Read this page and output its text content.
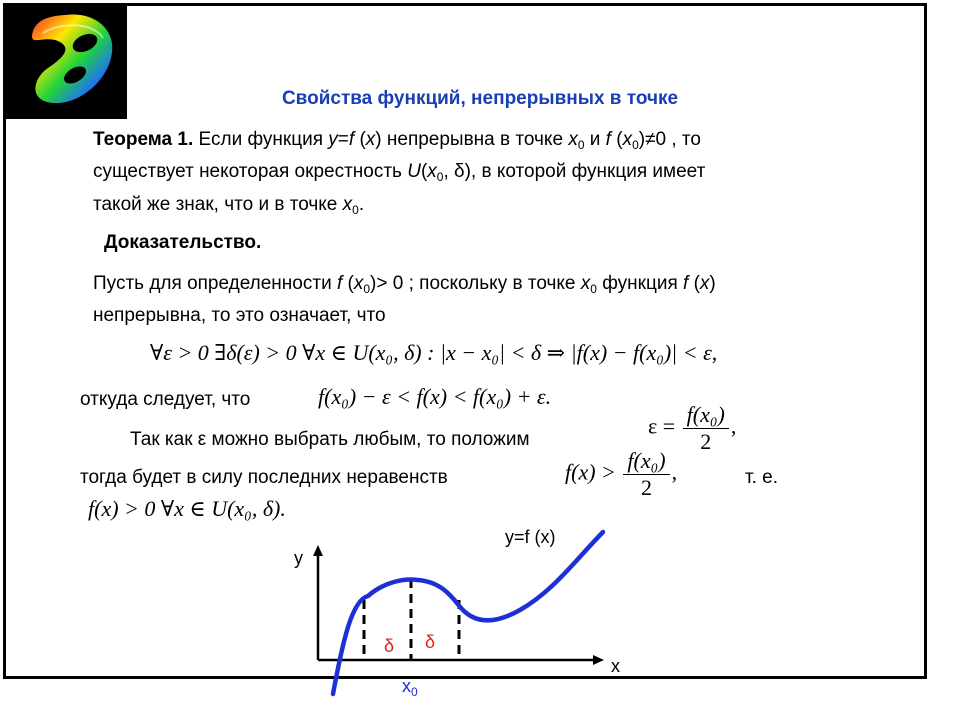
Свойства функций, непрерывных в точке
Теорема 1. Если функция y=f (x) непрерывна в точке $x_0$ и f $(x_0)\ne 0$ , то
существует некоторая окрестность $U(x_0$, δ), в которой функция имеет
такой же знак, что и в точке $x_0$.
Доказательство.
Пусть для определенности f $(x_0)> 0$ ; поскольку в точке $x_0$ функция f (x)
непрерывна, то это означает, что
∀ε > 0 ∃δ(ε) > 0 ∀x ∈ U(x₀, δ) : |x − x₀| < δ ⇒ |f(x) − f(x₀)| < ε,
откуда следует, что	f(x₀) − ε < f(x) < f(x₀) + ε.
Так как ε можно выбрать любым, то положим
$\varepsilon = \frac{\text{f(x₀)}}{2}$ ,
тогда будет в силу последних неравенств	$f(x) > \frac{\text{f(x₀)}}{2}$ ,	т. е.
f(x) > 0 ∀x ∈ U(x₀, δ).
y=f (x)
y
x
δ δ
$x_0$
